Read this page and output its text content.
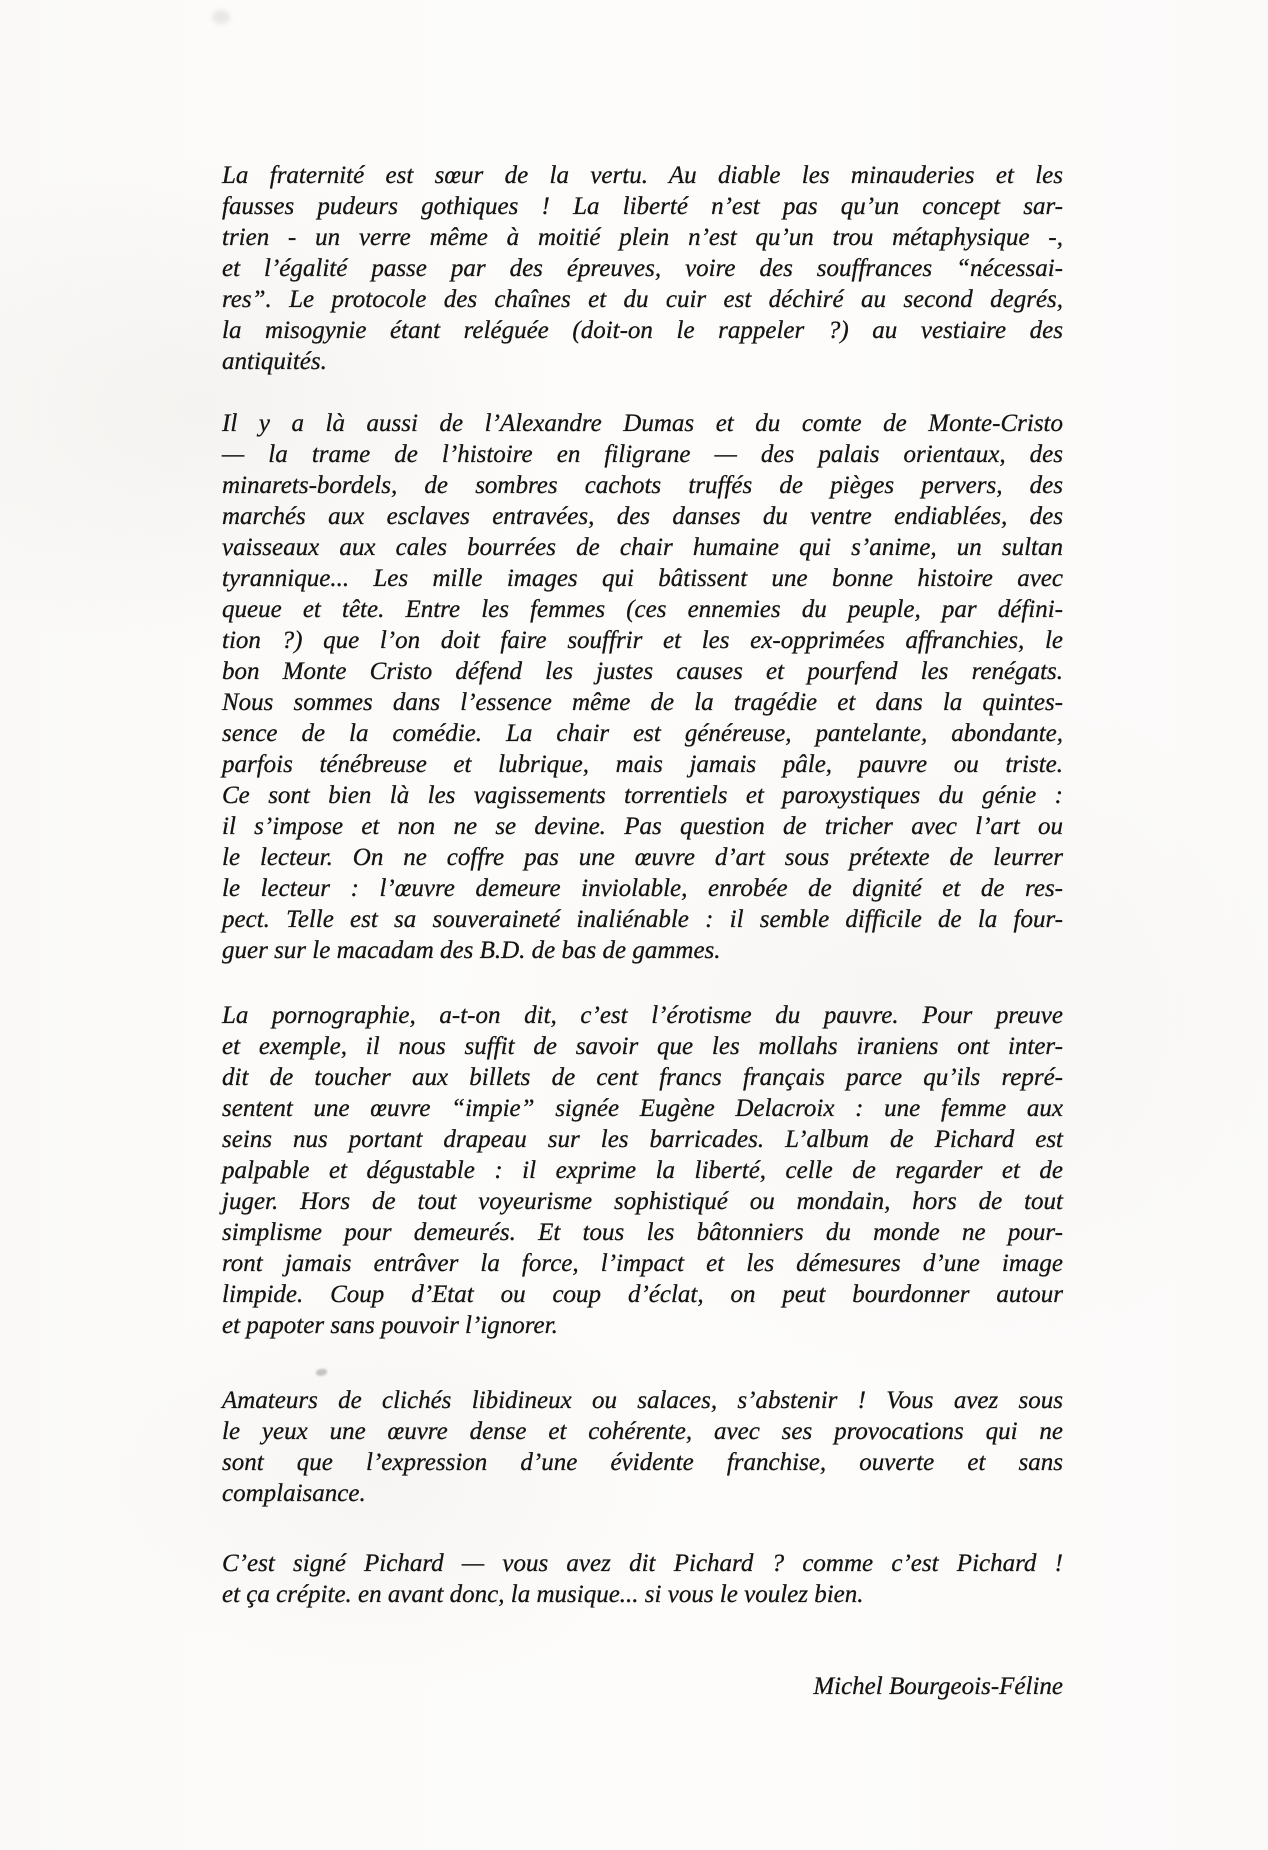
La fraternité est sœur de la vertu. Au diable les minauderies et les
fausses pudeurs gothiques ! La liberté n’est pas qu’un concept sar-
trien - un verre même à moitié plein n’est qu’un trou métaphysique -,
et l’égalité passe par des épreuves, voire des souffrances “nécessai-
res”. Le protocole des chaînes et du cuir est déchiré au second degrés,
la misogynie étant reléguée (doit-on le rappeler ?) au vestiaire des
antiquités.
Il y a là aussi de l’Alexandre Dumas et du comte de Monte-Cristo
— la trame de l’histoire en filigrane — des palais orientaux, des
minarets-bordels, de sombres cachots truffés de pièges pervers, des
marchés aux esclaves entravées, des danses du ventre endiablées, des
vaisseaux aux cales bourrées de chair humaine qui s’anime, un sultan
tyrannique... Les mille images qui bâtissent une bonne histoire avec
queue et tête. Entre les femmes (ces ennemies du peuple, par défini-
tion ?) que l’on doit faire souffrir et les ex-opprimées affranchies, le
bon Monte Cristo défend les justes causes et pourfend les renégats.
Nous sommes dans l’essence même de la tragédie et dans la quintes-
sence de la comédie. La chair est généreuse, pantelante, abondante,
parfois ténébreuse et lubrique, mais jamais pâle, pauvre ou triste.
Ce sont bien là les vagissements torrentiels et paroxystiques du génie :
il s’impose et non ne se devine. Pas question de tricher avec l’art ou
le lecteur. On ne coffre pas une œuvre d’art sous prétexte de leurrer
le lecteur : l’œuvre demeure inviolable, enrobée de dignité et de res-
pect. Telle est sa souveraineté inaliénable : il semble difficile de la four-
guer sur le macadam des B.D. de bas de gammes.
La pornographie, a-t-on dit, c’est l’érotisme du pauvre. Pour preuve
et exemple, il nous suffit de savoir que les mollahs iraniens ont inter-
dit de toucher aux billets de cent francs français parce qu’ils repré-
sentent une œuvre “impie” signée Eugène Delacroix : une femme aux
seins nus portant drapeau sur les barricades. L’album de Pichard est
palpable et dégustable : il exprime la liberté, celle de regarder et de
juger. Hors de tout voyeurisme sophistiqué ou mondain, hors de tout
simplisme pour demeurés. Et tous les bâtonniers du monde ne pour-
ront jamais entrâver la force, l’impact et les démesures d’une image
limpide. Coup d’Etat ou coup d’éclat, on peut bourdonner autour
et papoter sans pouvoir l’ignorer.
Amateurs de clichés libidineux ou salaces, s’abstenir ! Vous avez sous
le yeux une œuvre dense et cohérente, avec ses provocations qui ne
sont que l’expression d’une évidente franchise, ouverte et sans
complaisance.
C’est signé Pichard — vous avez dit Pichard ? comme c’est Pichard !
et ça crépite. en avant donc, la musique... si vous le voulez bien.
Michel Bourgeois-Féline
